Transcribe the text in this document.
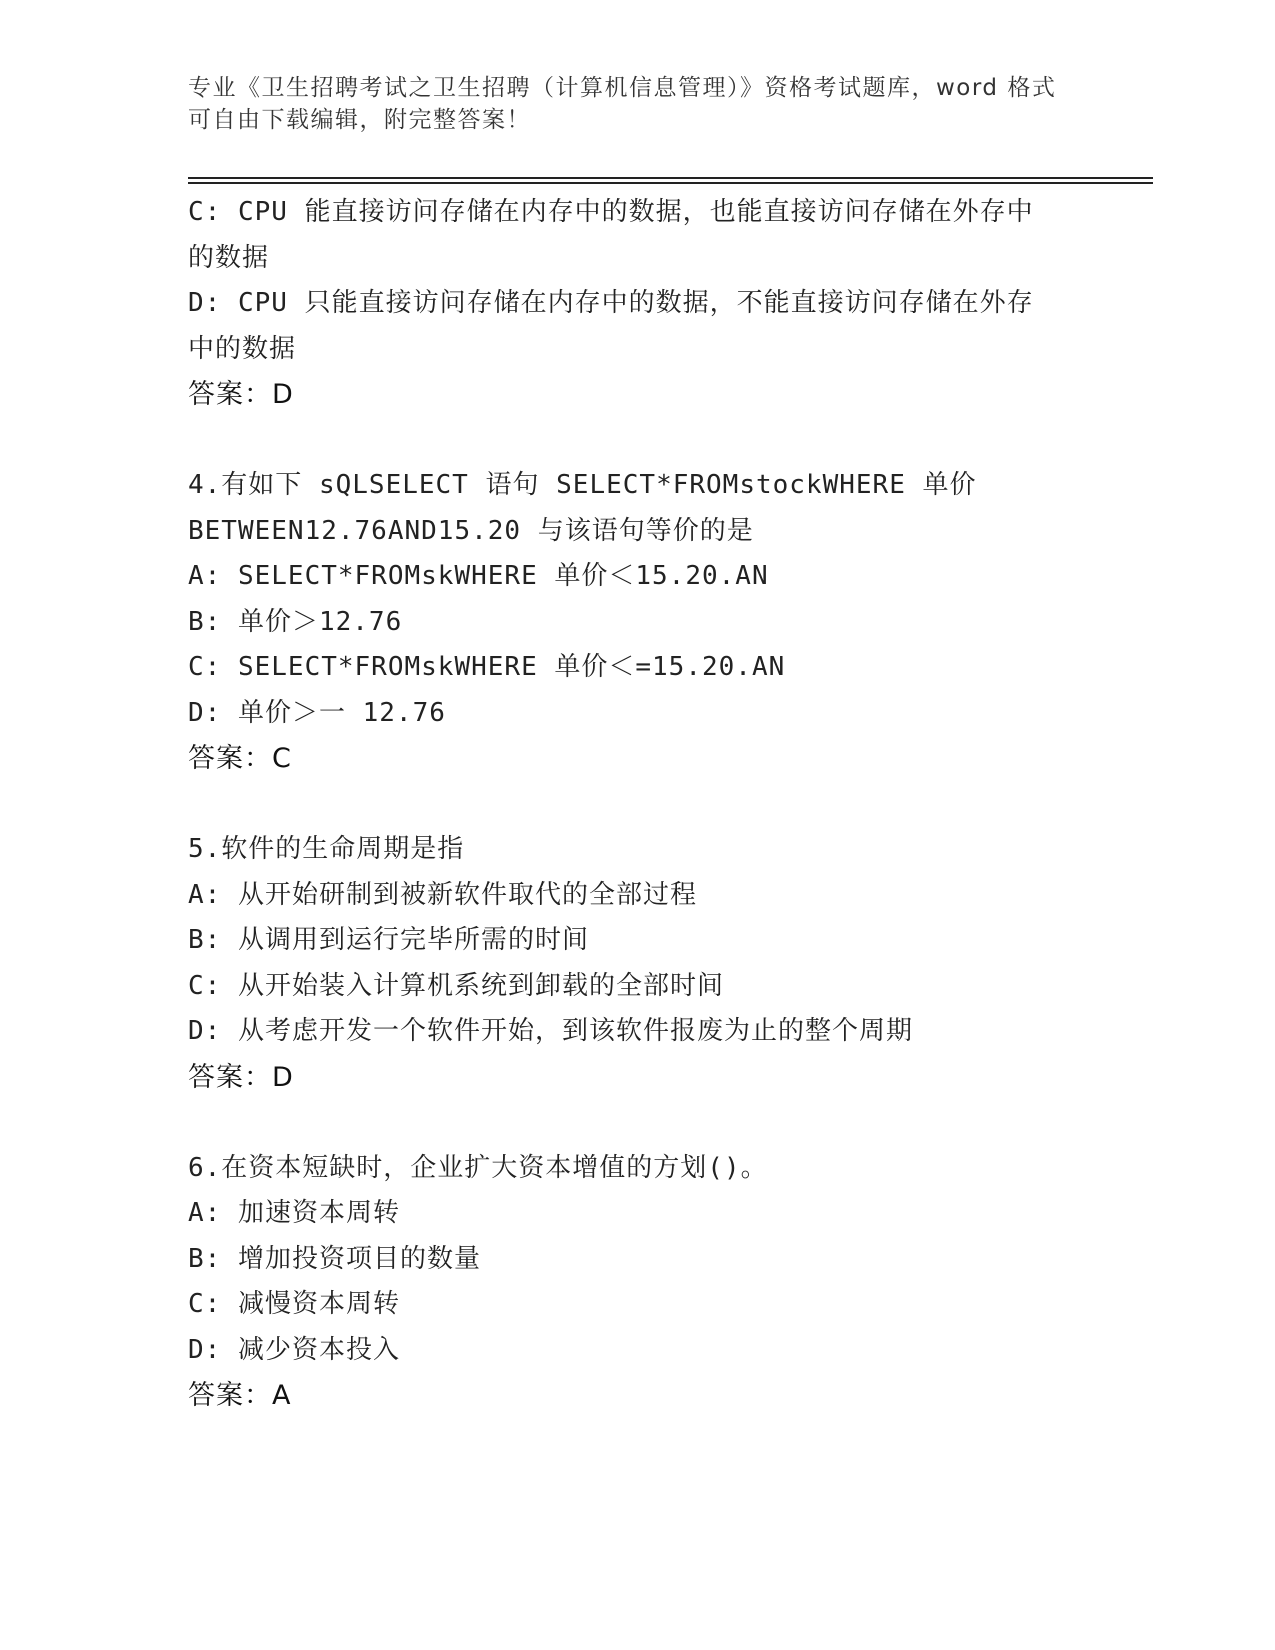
专业《卫生招聘考试之卫生招聘（计算机信息管理）》资格考试题库，word 格式
可自由下载编辑，附完整答案！
C: CPU 能直接访问存储在内存中的数据，也能直接访问存储在外存中
的数据
D: CPU 只能直接访问存储在内存中的数据，不能直接访问存储在外存
中的数据
答案：D
4.有如下 sQLSELECT 语句 SELECT*FROMstockWHERE 单价
BETWEEN12.76AND15.20 与该语句等价的是
A: SELECT*FROMskWHERE 单价＜15.20.AN
B: 单价＞12.76
C: SELECT*FROMskWHERE 单价＜=15.20.AN
D: 单价＞一 12.76
答案：C
5.软件的生命周期是指
A: 从开始研制到被新软件取代的全部过程
B: 从调用到运行完毕所需的时间
C: 从开始装入计算机系统到卸载的全部时间
D: 从考虑开发一个软件开始，到该软件报废为止的整个周期
答案：D
6.在资本短缺时，企业扩大资本增值的方划()。
A: 加速资本周转
B: 增加投资项目的数量
C: 减慢资本周转
D: 减少资本投入
答案：A
